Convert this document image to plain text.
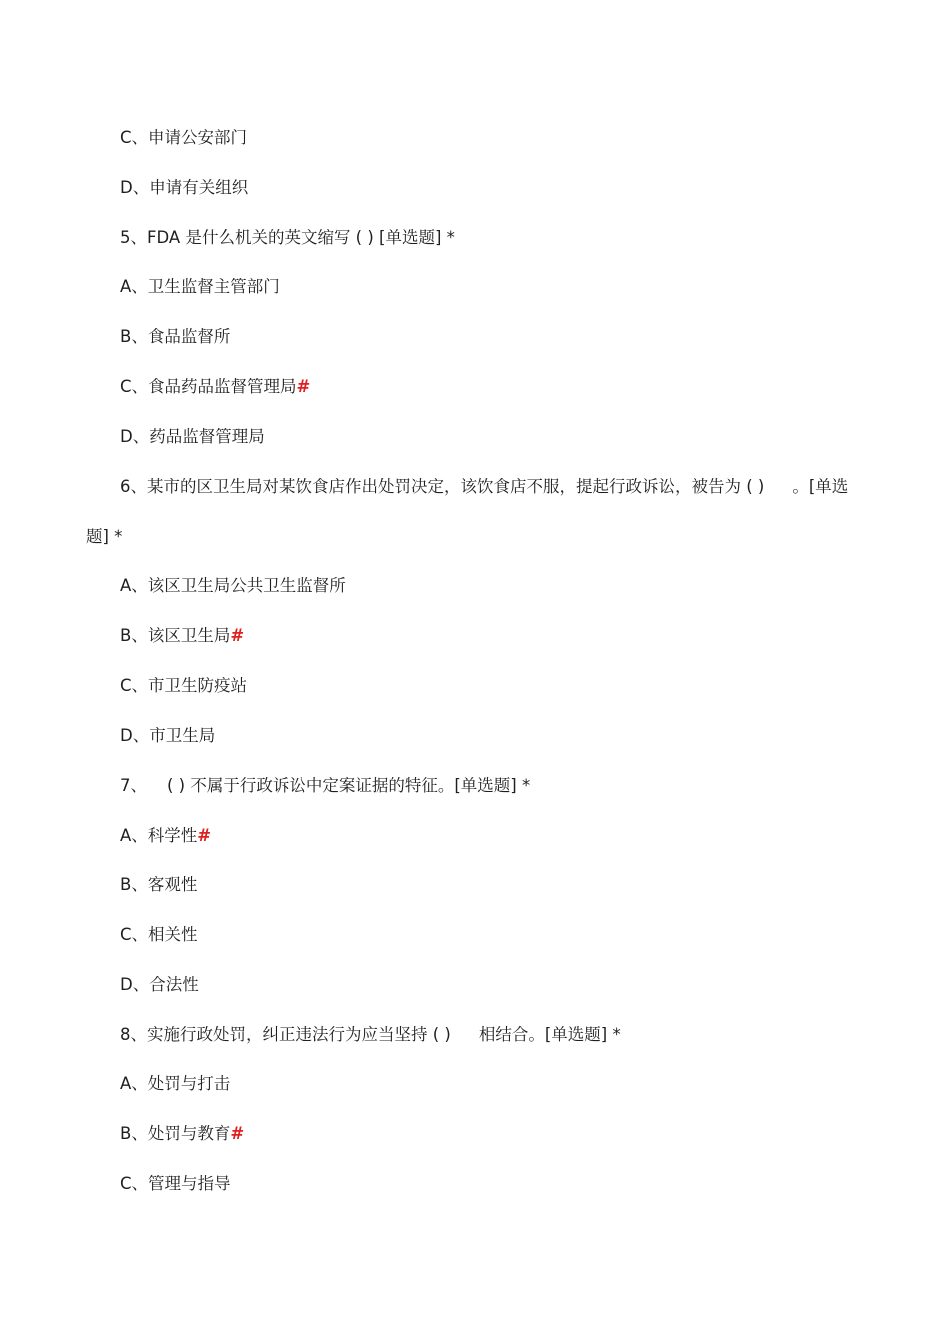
C、申请公安部门
D、申请有关组织
5、FDA 是什么机关的英文缩写 ( ) [单选题] *
A、卫生监督主管部门
B、食品监督所
C、食品药品监督管理局#
D、药品监督管理局
6、某市的区卫生局对某饮食店作出处罚决定，该饮食店不服，提起行政诉讼，被告为 ( ) 。[单选
题] *
A、该区卫生局公共卫生监督所
B、该区卫生局#
C、市卫生防疫站
D、市卫生局
7、 ( ) 不属于行政诉讼中定案证据的特征。[单选题] *
A、科学性#
B、客观性
C、相关性
D、合法性
8、实施行政处罚，纠正违法行为应当坚持 ( ) 相结合。[单选题] *
A、处罚与打击
B、处罚与教育#
C、管理与指导
